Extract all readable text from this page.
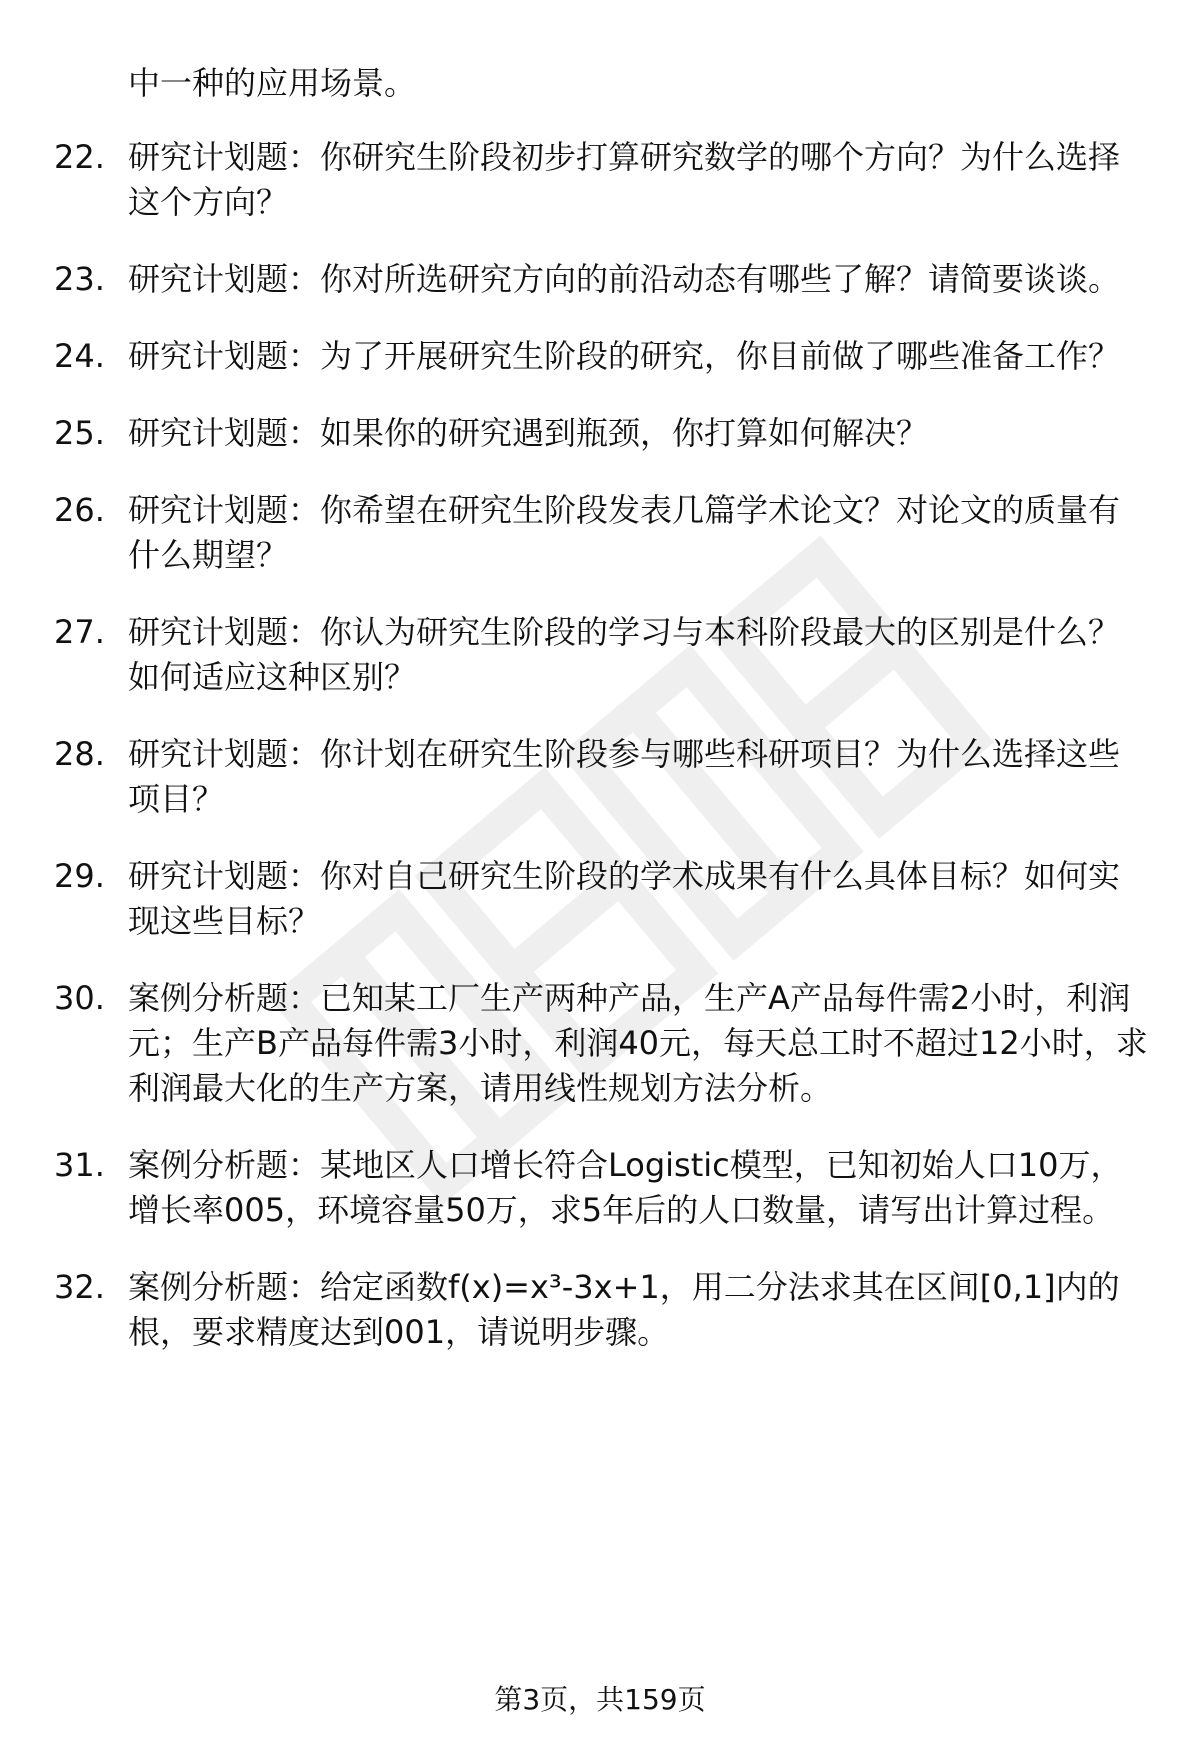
中一种的应用场景。
22. 研究计划题：你研究生阶段初步打算研究数学的哪个方向？为什么选择这个方向？
23. 研究计划题：你对所选研究方向的前沿动态有哪些了解？请简要谈谈。
24. 研究计划题：为了开展研究生阶段的研究，你目前做了哪些准备工作？
25. 研究计划题：如果你的研究遇到瓶颈，你打算如何解决？
26. 研究计划题：你希望在研究生阶段发表几篇学术论文？对论文的质量有什么期望？
27. 研究计划题：你认为研究生阶段的学习与本科阶段最大的区别是什么？如何适应这种区别？
28. 研究计划题：你计划在研究生阶段参与哪些科研项目？为什么选择这些项目？
29. 研究计划题：你对自己研究生阶段的学术成果有什么具体目标？如何实现这些目标？
30. 案例分析题：已知某工厂生产两种产品，生产A产品每件需2小时，利润元；生产B产品每件需3小时，利润40元，每天总工时不超过12小时，求利润最大化的生产方案，请用线性规划方法分析。
31. 案例分析题：某地区人口增长符合Logistic模型，已知初始人口10万，增长率005，环境容量50万，求5年后的人口数量，请写出计算过程。
32. 案例分析题：给定函数f(x)=x³-3x+1，用二分法求其在区间[0,1]内的根，要求精度达到001，请说明步骤。
第3页，共159页
